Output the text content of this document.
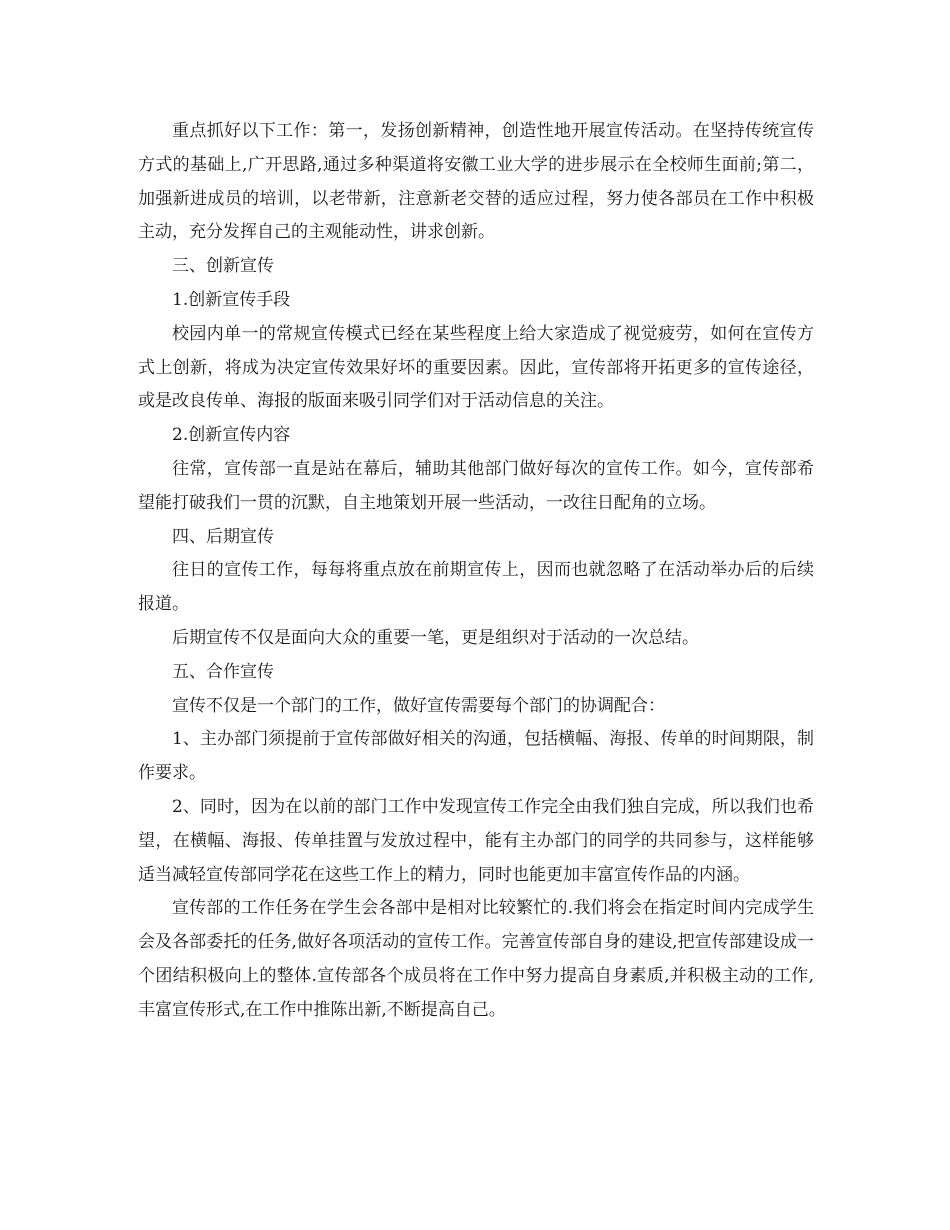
重点抓好以下工作：第一，发扬创新精神，创造性地开展宣传活动。在坚持传统宣传方式的基础上,广开思路,通过多种渠道将安徽工业大学的进步展示在全校师生面前;第二，加强新进成员的培训，以老带新，注意新老交替的适应过程，努力使各部员在工作中积极主动，充分发挥自己的主观能动性，讲求创新。

三、创新宣传

1.创新宣传手段

校园内单一的常规宣传模式已经在某些程度上给大家造成了视觉疲劳，如何在宣传方式上创新，将成为决定宣传效果好坏的重要因素。因此，宣传部将开拓更多的宣传途径，或是改良传单、海报的版面来吸引同学们对于活动信息的关注。

2.创新宣传内容

往常，宣传部一直是站在幕后，辅助其他部门做好每次的宣传工作。如今，宣传部希望能打破我们一贯的沉默，自主地策划开展一些活动，一改往日配角的立场。

四、后期宣传

往日的宣传工作，每每将重点放在前期宣传上，因而也就忽略了在活动举办后的后续报道。

后期宣传不仅是面向大众的重要一笔，更是组织对于活动的一次总结。

五、合作宣传

宣传不仅是一个部门的工作，做好宣传需要每个部门的协调配合：

1、主办部门须提前于宣传部做好相关的沟通，包括横幅、海报、传单的时间期限，制作要求。

2、同时，因为在以前的部门工作中发现宣传工作完全由我们独自完成，所以我们也希望，在横幅、海报、传单挂置与发放过程中，能有主办部门的同学的共同参与，这样能够适当减轻宣传部同学花在这些工作上的精力，同时也能更加丰富宣传作品的内涵。

宣传部的工作任务在学生会各部中是相对比较繁忙的.我们将会在指定时间内完成学生会及各部委托的任务,做好各项活动的宣传工作。完善宣传部自身的建设,把宣传部建设成一个团结积极向上的整体.宣传部各个成员将在工作中努力提高自身素质,并积极主动的工作,丰富宣传形式,在工作中推陈出新,不断提高自己。
